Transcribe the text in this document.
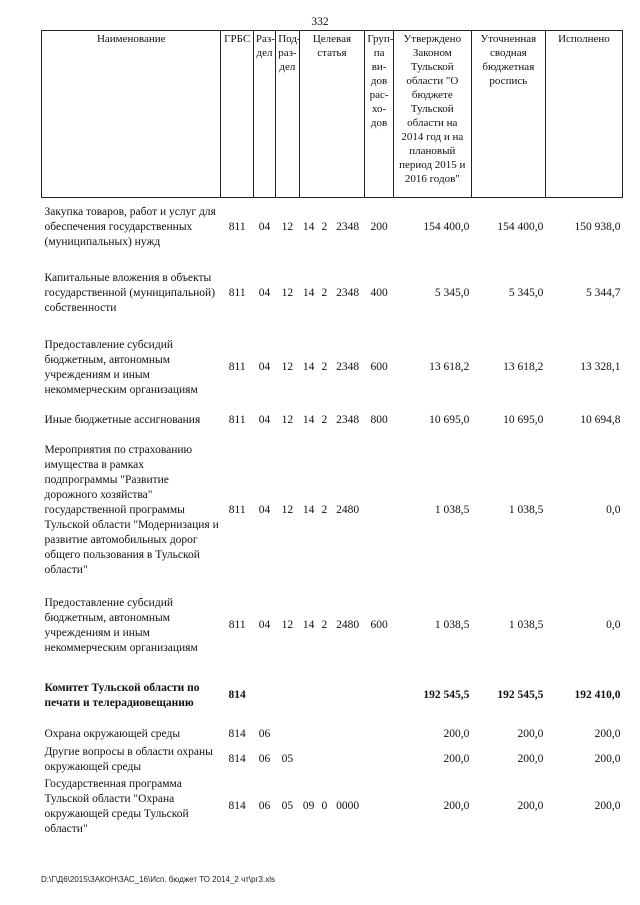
332
Наименование	ГРБС	Раз-дел	Под-раз-дел	Целевая статья			Груп-па ви-дов рас-хо-дов	Утверждено Законом Тульской области "О бюджете Тульской области на 2014 год и на плановый период 2015 и 2016 годов"	Уточненная сводная бюджетная роспись	Исполнено
Закупка товаров, работ и услуг для обеспечения государственных (муниципальных) нужд	811	04	12	14	2	2348	200	154 400,0	154 400,0	150 938,0
Капитальные вложения в объекты государственной (муниципальной) собственности	811	04	12	14	2	2348	400	5 345,0	5 345,0	5 344,7
Предоставление субсидий бюджетным, автономным учреждениям и иным некоммерческим организациям	811	04	12	14	2	2348	600	13 618,2	13 618,2	13 328,1
Иные бюджетные ассигнования	811	04	12	14	2	2348	800	10 695,0	10 695,0	10 694,8
Мероприятия по страхованию имущества в рамках подпрограммы "Развитие дорожного хозяйства" государственной программы Тульской области "Модернизация и развитие автомобильных дорог общего пользования в Тульской области"	811	04	12	14	2	2480		1 038,5	1 038,5	0,0
Предоставление субсидий бюджетным, автономным учреждениям и иным некоммерческим организациям	811	04	12	14	2	2480	600	1 038,5	1 038,5	0,0
Комитет Тульской области по печати и телерадиовещанию	814							192 545,5	192 545,5	192 410,0
Охрана окружающей среды	814	06						200,0	200,0	200,0
Другие вопросы в области охраны окружающей среды	814	06	05					200,0	200,0	200,0
Государственная программа Тульской области "Охрана окружающей среды Тульской области"	814	06	05	09	0	0000		200,0	200,0	200,0
D:\Г\Д6\2015\ЗАКОН\ЗАС_16\Исп. бюджет ТО 2014_2 чт\рг3.xls
